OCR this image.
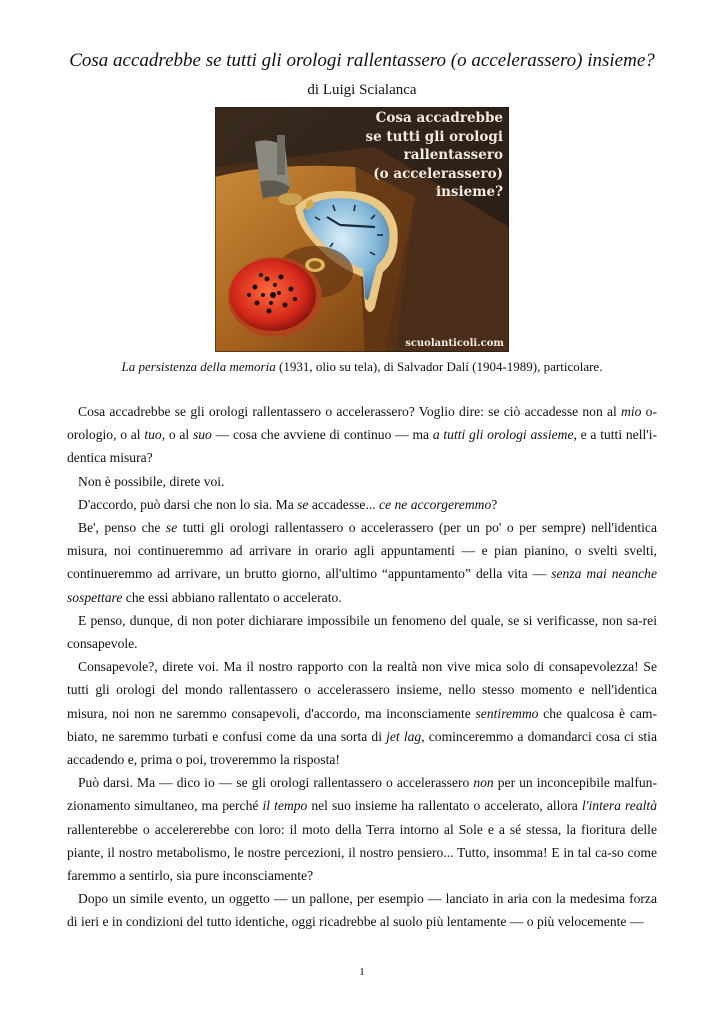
Cosa accadrebbe se tutti gli orologi rallentassero (o accelerassero) insieme?
di Luigi Scialanca
Cosa accadrebbe
se tutti gli orologi
rallentassero
(o accelerassero)
insieme?
scuolanticoli.com
La persistenza della memoria (1931, olio su tela), di Salvador Dalí (1904-1989), particolare.

Cosa accadrebbe se gli orologi rallentassero o accelerassero? Voglio dire: se ciò accadesse non al mio o-orologio, o al tuo, o al suo — cosa che avviene di continuo — ma a tutti gli orologi assieme, e a tutti nell'i-dentica misura?

Non è possibile, direte voi.

D'accordo, può darsi che non lo sia. Ma se accadesse... ce ne accorgeremmo?

Be', penso che se tutti gli orologi rallentassero o accelerassero (per un po' o per sempre) nell'identica misura, noi continueremmo ad arrivare in orario agli appuntamenti — e pian pianino, o svelti svelti, continueremmo ad arrivare, un brutto giorno, all'ultimo “appuntamento” della vita — senza mai neanche sospettare che essi abbiano rallentato o accelerato.

E penso, dunque, di non poter dichiarare impossibile un fenomeno del quale, se si verificasse, non sa-rei consapevole.

Consapevole?, direte voi. Ma il nostro rapporto con la realtà non vive mica solo di consapevolezza! Se tutti gli orologi del mondo rallentassero o accelerassero insieme, nello stesso momento e nell'identica misura, noi non ne saremmo consapevoli, d'accordo, ma inconsciamente sentiremmo che qualcosa è cam-biato, ne saremmo turbati e confusi come da una sorta di jet lag, cominceremmo a domandarci cosa ci stia accadendo e, prima o poi, troveremmo la risposta!

Può darsi. Ma — dico io — se gli orologi rallentassero o accelerassero non per un inconcepibile malfun-zionamento simultaneo, ma perché il tempo nel suo insieme ha rallentato o accelerato, allora l'intera realtà rallenterebbe o accelererebbe con loro: il moto della Terra intorno al Sole e a sé stessa, la fioritura delle piante, il nostro metabolismo, le nostre percezioni, il nostro pensiero... Tutto, insomma! E in tal ca-so come faremmo a sentirlo, sia pure inconsciamente?

Dopo un simile evento, un oggetto — un pallone, per esempio — lanciato in aria con la medesima forza di ieri e in condizioni del tutto identiche, oggi ricadrebbe al suolo più lentamente — o più velocemente —

1
